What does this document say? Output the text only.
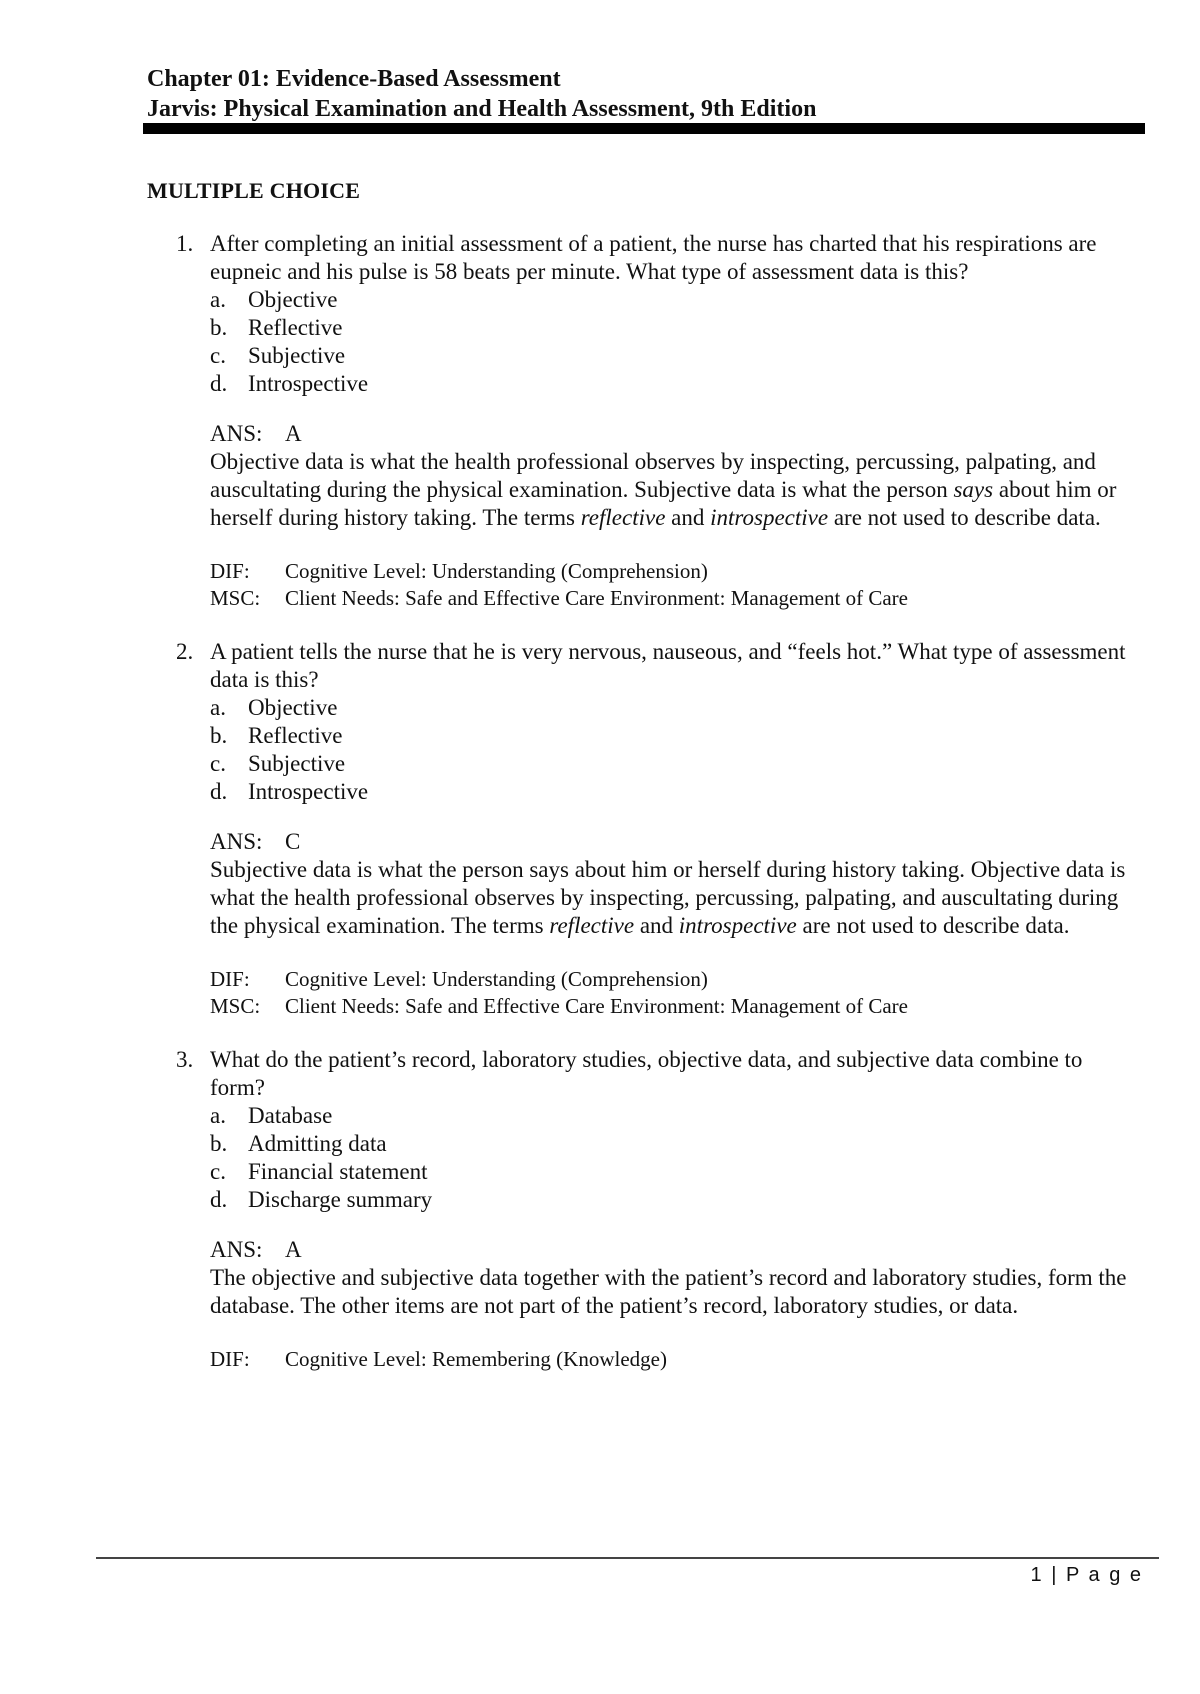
Chapter 01: Evidence-Based Assessment

Jarvis: Physical Examination and Health Assessment, 9th Edition

MULTIPLE CHOICE

1. After completing an initial assessment of a patient, the nurse has charted that his respirations are eupneic and his pulse is 58 beats per minute. What type of assessment data is this?

a. Objective
b. Reflective
c. Subjective
d. Introspective

ANS: A

Objective data is what the health professional observes by inspecting, percussing, palpating, and auscultating during the physical examination. Subjective data is what the person says about him or herself during history taking. The terms reflective and introspective are not used to describe data.

DIF:	Cognitive Level: Understanding (Comprehension)

MSC:	Client Needs: Safe and Effective Care Environment: Management of Care

2. A patient tells the nurse that he is very nervous, nauseous, and “feels hot.” What type of assessment data is this?

a. Objective
b. Reflective
c. Subjective
d. Introspective

ANS: C

Subjective data is what the person says about him or herself during history taking. Objective data is what the health professional observes by inspecting, percussing, palpating, and auscultating during the physical examination. The terms reflective and introspective are not used to describe data.

DIF:	Cognitive Level: Understanding (Comprehension)

MSC:	Client Needs: Safe and Effective Care Environment: Management of Care

3. What do the patient’s record, laboratory studies, objective data, and subjective data combine to form?

a. Database
b. Admitting data
c. Financial statement
d. Discharge summary

ANS: A

The objective and subjective data together with the patient’s record and laboratory studies, form the database. The other items are not part of the patient’s record, laboratory studies, or data.

DIF:	Cognitive Level: Remembering (Knowledge)

1 | P a g e
